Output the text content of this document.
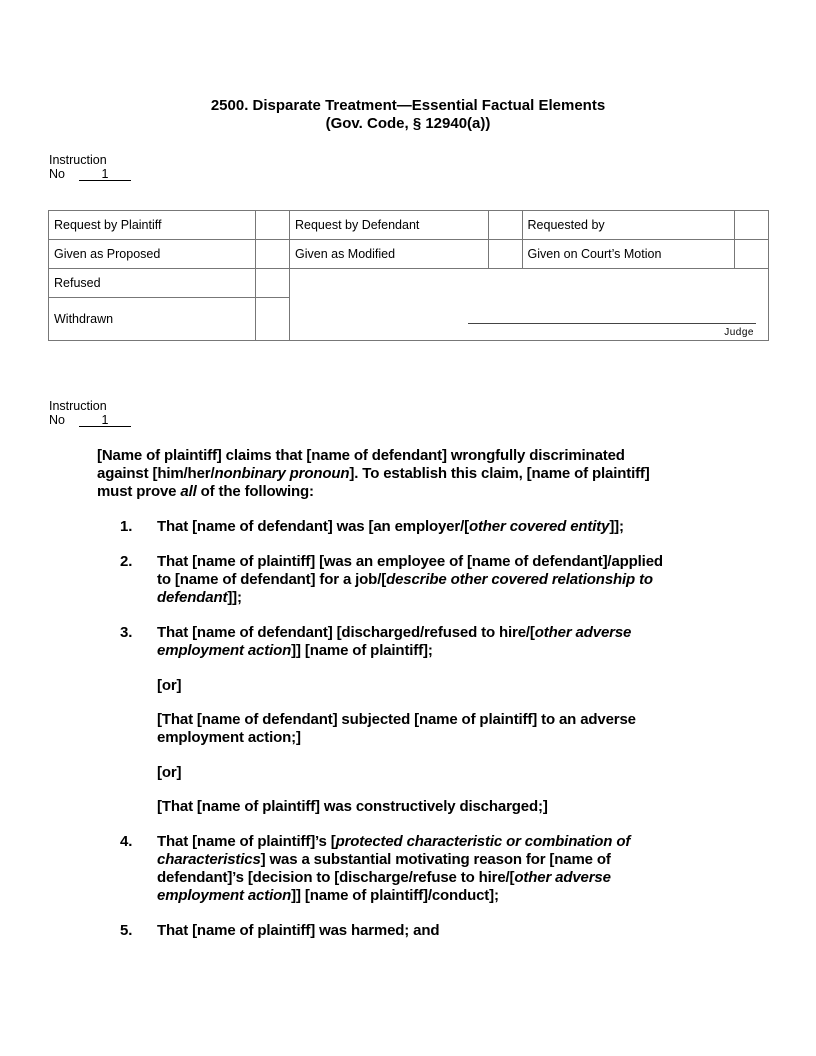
2500. Disparate Treatment—Essential Factual Elements
(Gov. Code, § 12940(a))
Instruction
No	1
Request by Plaintiff		Request by Defendant		Requested by	
Given as Proposed		Given as Modified		Given on Court’s Motion	
Refused		Judge			

Withdrawn					
Instruction
No	1
[Name of plaintiff] claims that [name of defendant] wrongfully discriminated
against [him/her/nonbinary pronoun]. To establish this claim, [name of plaintiff]
must prove all of the following:
1. That [name of defendant] was [an employer/[other covered entity]];
2. That [name of plaintiff] [was an employee of [name of defendant]/applied
to [name of defendant] for a job/[describe other covered relationship to
defendant]];
3. That [name of defendant] [discharged/refused to hire/[other adverse
employment action]] [name of plaintiff];
[or]
[That [name of defendant] subjected [name of plaintiff] to an adverse
employment action;]
[or]
[That [name of plaintiff] was constructively discharged;]
4. That [name of plaintiff]’s [protected characteristic or combination of
characteristics] was a substantial motivating reason for [name of
defendant]’s [decision to [discharge/refuse to hire/[other adverse
employment action]] [name of plaintiff]/conduct];
5. That [name of plaintiff] was harmed; and
